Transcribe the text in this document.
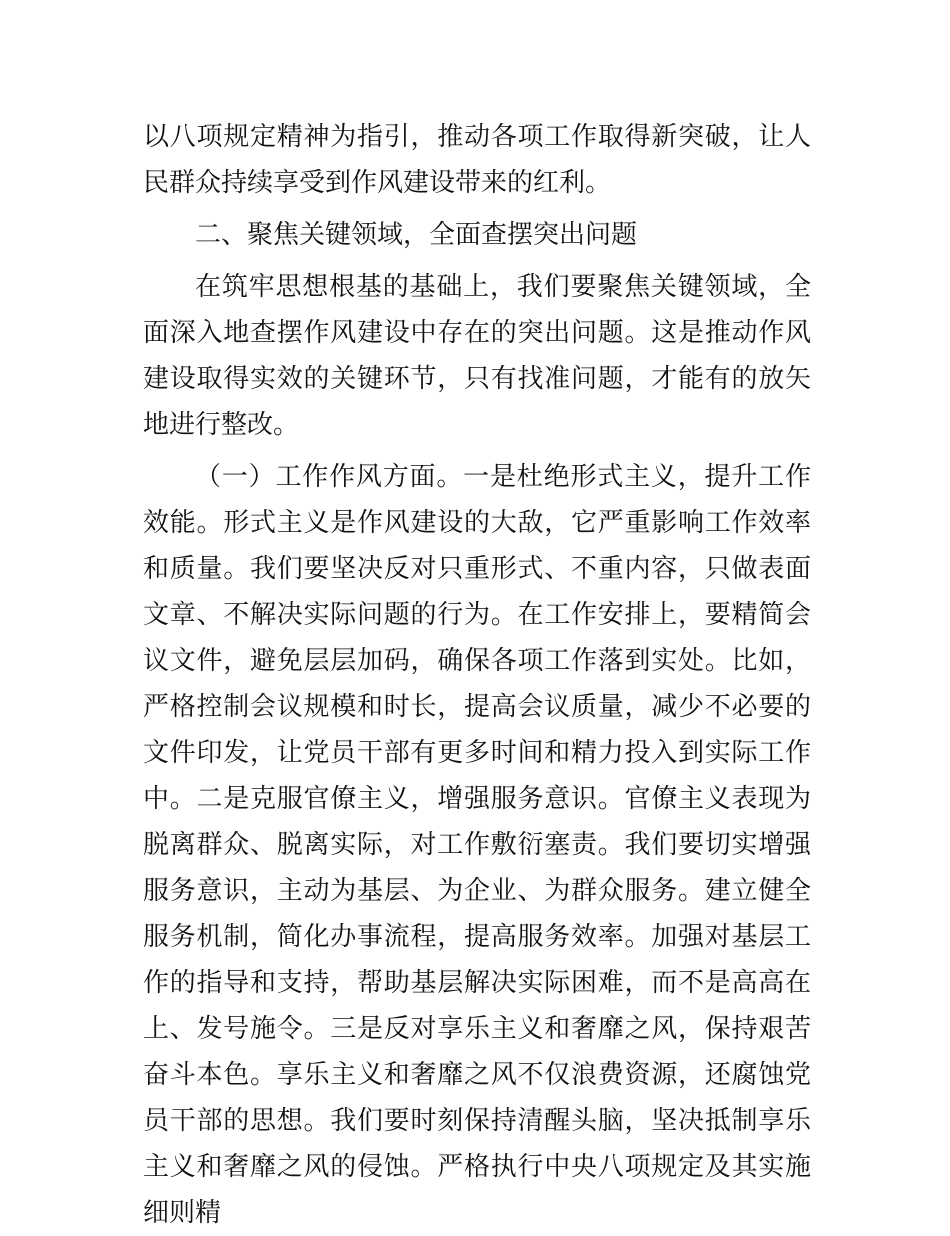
以八项规定精神为指引，推动各项工作取得新突破，让人民群众持续享受到作风建设带来的红利。

二、聚焦关键领域，全面查摆突出问题

在筑牢思想根基的基础上，我们要聚焦关键领域，全面深入地查摆作风建设中存在的突出问题。这是推动作风建设取得实效的关键环节，只有找准问题，才能有的放矢地进行整改。

（一）工作作风方面。一是杜绝形式主义，提升工作效能。形式主义是作风建设的大敌，它严重影响工作效率和质量。我们要坚决反对只重形式、不重内容，只做表面文章、不解决实际问题的行为。在工作安排上，要精简会议文件，避免层层加码，确保各项工作落到实处。比如，严格控制会议规模和时长，提高会议质量，减少不必要的文件印发，让党员干部有更多时间和精力投入到实际工作中。二是克服官僚主义，增强服务意识。官僚主义表现为脱离群众、脱离实际，对工作敷衍塞责。我们要切实增强服务意识，主动为基层、为企业、为群众服务。建立健全服务机制，简化办事流程，提高服务效率。加强对基层工作的指导和支持，帮助基层解决实际困难，而不是高高在上、发号施令。三是反对享乐主义和奢靡之风，保持艰苦奋斗本色。享乐主义和奢靡之风不仅浪费资源，还腐蚀党员干部的思想。我们要时刻保持清醒头脑，坚决抵制享乐主义和奢靡之风的侵蚀。严格执行中央八项规定及其实施细则精
